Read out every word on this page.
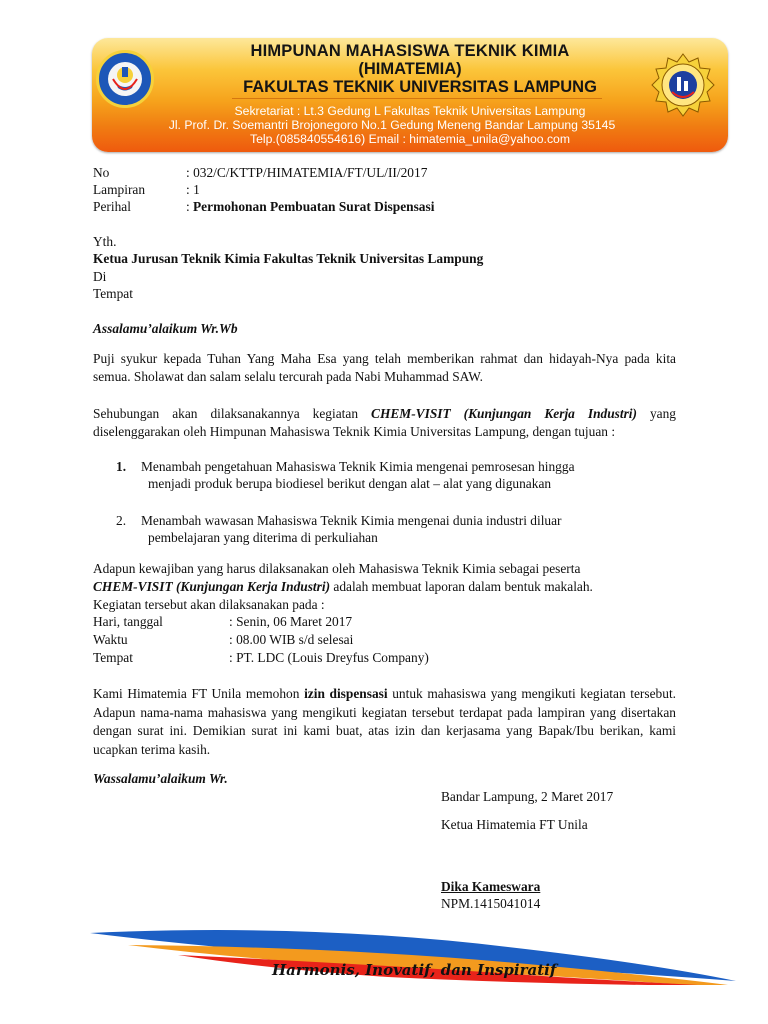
HIMPUNAN MAHASISWA TEKNIK KIMIA
(HIMATEMIA)
FAKULTAS TEKNIK UNIVERSITAS LAMPUNG
Sekretariat : Lt.3 Gedung L Fakultas Teknik Universitas Lampung
Jl. Prof. Dr. Soemantri Brojonegoro No.1 Gedung Meneng Bandar Lampung 35145
Telp.(085840554616) Email : himatemia_unila@yahoo.com
No	: 032/C/KTTP/HIMATEMIA/FT/UL/II/2017
Lampiran	: 1
Perihal	: Permohonan Pembuatan Surat Dispensasi
Yth.
Ketua Jurusan Teknik Kimia Fakultas Teknik Universitas Lampung
Di
Tempat
Assalamu’alaikum Wr.Wb
Puji syukur kepada Tuhan Yang Maha Esa yang telah memberikan rahmat dan hidayah-Nya pada kita semua. Sholawat dan salam selalu tercurah pada Nabi Muhammad SAW.
Sehubungan akan dilaksanakannya kegiatan CHEM-VISIT (Kunjungan Kerja Industri) yang diselenggarakan oleh Himpunan Mahasiswa Teknik Kimia Universitas Lampung, dengan tujuan :
1. Menambah pengetahuan Mahasiswa Teknik Kimia mengenai pemrosesan hingga
menjadi produk berupa biodiesel berikut dengan alat – alat yang digunakan
2. Menambah wawasan Mahasiswa Teknik Kimia mengenai dunia industri diluar
pembelajaran yang diterima di perkuliahan
Adapun kewajiban yang harus dilaksanakan oleh Mahasiswa Teknik Kimia sebagai peserta
CHEM-VISIT (Kunjungan Kerja Industri) adalah membuat laporan dalam bentuk makalah.
Kegiatan tersebut akan dilaksanakan pada :
Hari, tanggal	: Senin, 06 Maret 2017
Waktu	: 08.00 WIB s/d selesai
Tempat	: PT. LDC (Louis Dreyfus Company)
Kami Himatemia FT Unila memohon izin dispensasi untuk mahasiswa yang mengikuti kegiatan tersebut. Adapun nama-nama mahasiswa yang mengikuti kegiatan tersebut terdapat pada lampiran yang disertakan dengan surat ini. Demikian surat ini kami buat, atas izin dan kerjasama yang Bapak/Ibu berikan, kami ucapkan terima kasih.
Wassalamu’alaikum Wr.
Bandar Lampung, 2 Maret 2017
Ketua Himatemia FT Unila
Dika Kameswara
NPM.1415041014
Harmonis, Inovatif, dan Inspiratif
